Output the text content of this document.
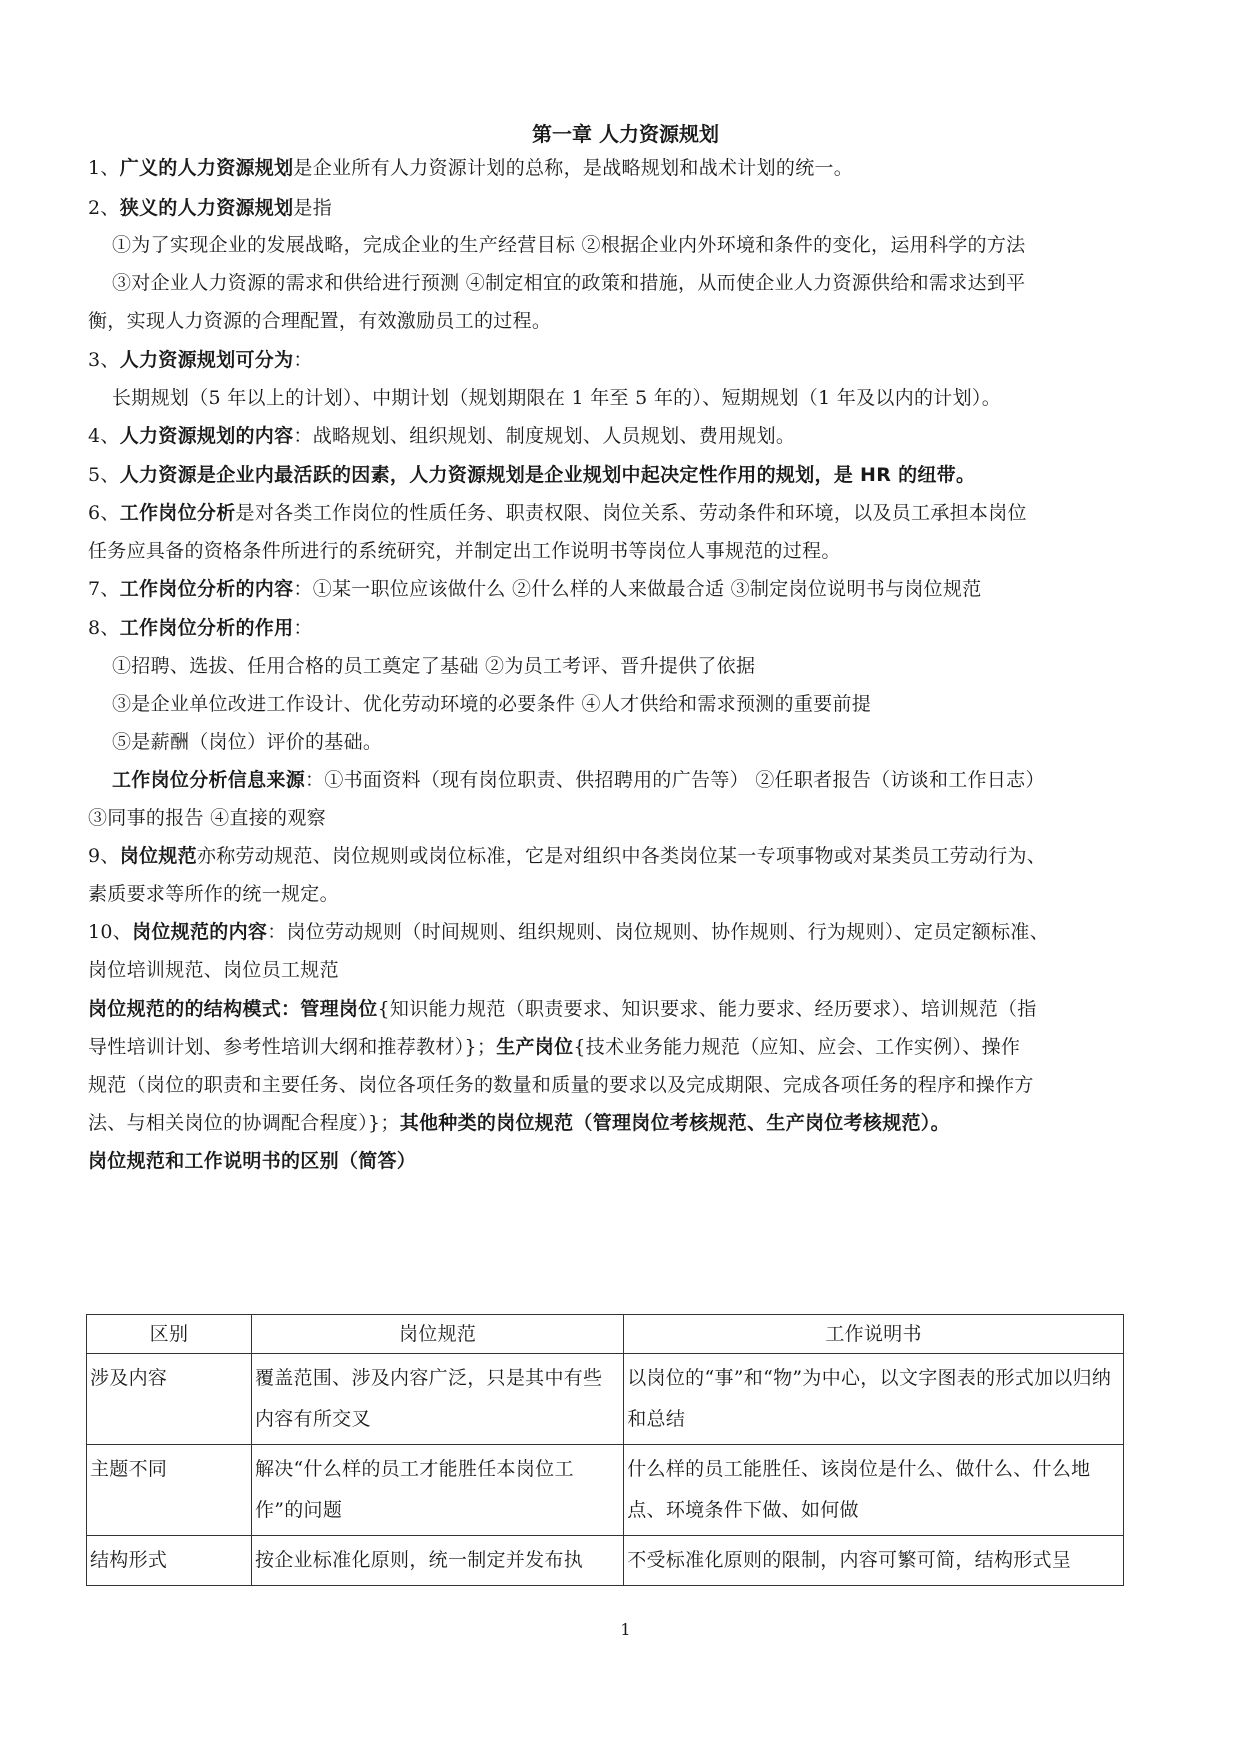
第一章 人力资源规划
1、广义的人力资源规划是企业所有人力资源计划的总称，是战略规划和战术计划的统一。
2、狭义的人力资源规划是指
①为了实现企业的发展战略，完成企业的生产经营目标 ②根据企业内外环境和条件的变化，运用科学的方法
③对企业人力资源的需求和供给进行预测 ④制定相宜的政策和措施，从而使企业人力资源供给和需求达到平
衡，实现人力资源的合理配置，有效激励员工的过程。
3、人力资源规划可分为：
长期规划（5 年以上的计划）、中期计划（规划期限在 1 年至 5 年的）、短期规划（1 年及以内的计划）。
4、人力资源规划的内容：战略规划、组织规划、制度规划、人员规划、费用规划。
5、人力资源是企业内最活跃的因素，人力资源规划是企业规划中起决定性作用的规划，是 HR 的纽带。
6、工作岗位分析是对各类工作岗位的性质任务、职责权限、岗位关系、劳动条件和环境，以及员工承担本岗位
任务应具备的资格条件所进行的系统研究，并制定出工作说明书等岗位人事规范的过程。
7、工作岗位分析的内容：①某一职位应该做什么 ②什么样的人来做最合适 ③制定岗位说明书与岗位规范
8、工作岗位分析的作用：
①招聘、选拔、任用合格的员工奠定了基础 ②为员工考评、晋升提供了依据
③是企业单位改进工作设计、优化劳动环境的必要条件 ④人才供给和需求预测的重要前提
⑤是薪酬（岗位）评价的基础。
工作岗位分析信息来源：①书面资料（现有岗位职责、供招聘用的广告等） ②任职者报告（访谈和工作日志）
③同事的报告 ④直接的观察
9、岗位规范亦称劳动规范、岗位规则或岗位标准，它是对组织中各类岗位某一专项事物或对某类员工劳动行为、
素质要求等所作的统一规定。
10、岗位规范的内容：岗位劳动规则（时间规则、组织规则、岗位规则、协作规则、行为规则）、定员定额标准、
岗位培训规范、岗位员工规范
岗位规范的的结构模式：管理岗位{知识能力规范（职责要求、知识要求、能力要求、经历要求）、培训规范（指
导性培训计划、参考性培训大纲和推荐教材）}；生产岗位{技术业务能力规范（应知、应会、工作实例）、操作
规范（岗位的职责和主要任务、岗位各项任务的数量和质量的要求以及完成期限、完成各项任务的程序和操作方
法、与相关岗位的协调配合程度）}；其他种类的岗位规范（管理岗位考核规范、生产岗位考核规范）。
岗位规范和工作说明书的区别（简答）
区别	岗位规范	工作说明书
涉及内容	覆盖范围、涉及内容广泛，只是其中有些内容有所交叉	以岗位的“事”和“物”为中心，以文字图表的形式加以归纳和总结
主题不同	解决“什么样的员工才能胜任本岗位工作”的问题	什么样的员工能胜任、该岗位是什么、做什么、什么地点、环境条件下做、如何做
结构形式	按企业标准化原则，统一制定并发布执	不受标准化原则的限制，内容可繁可简，结构形式呈
1
